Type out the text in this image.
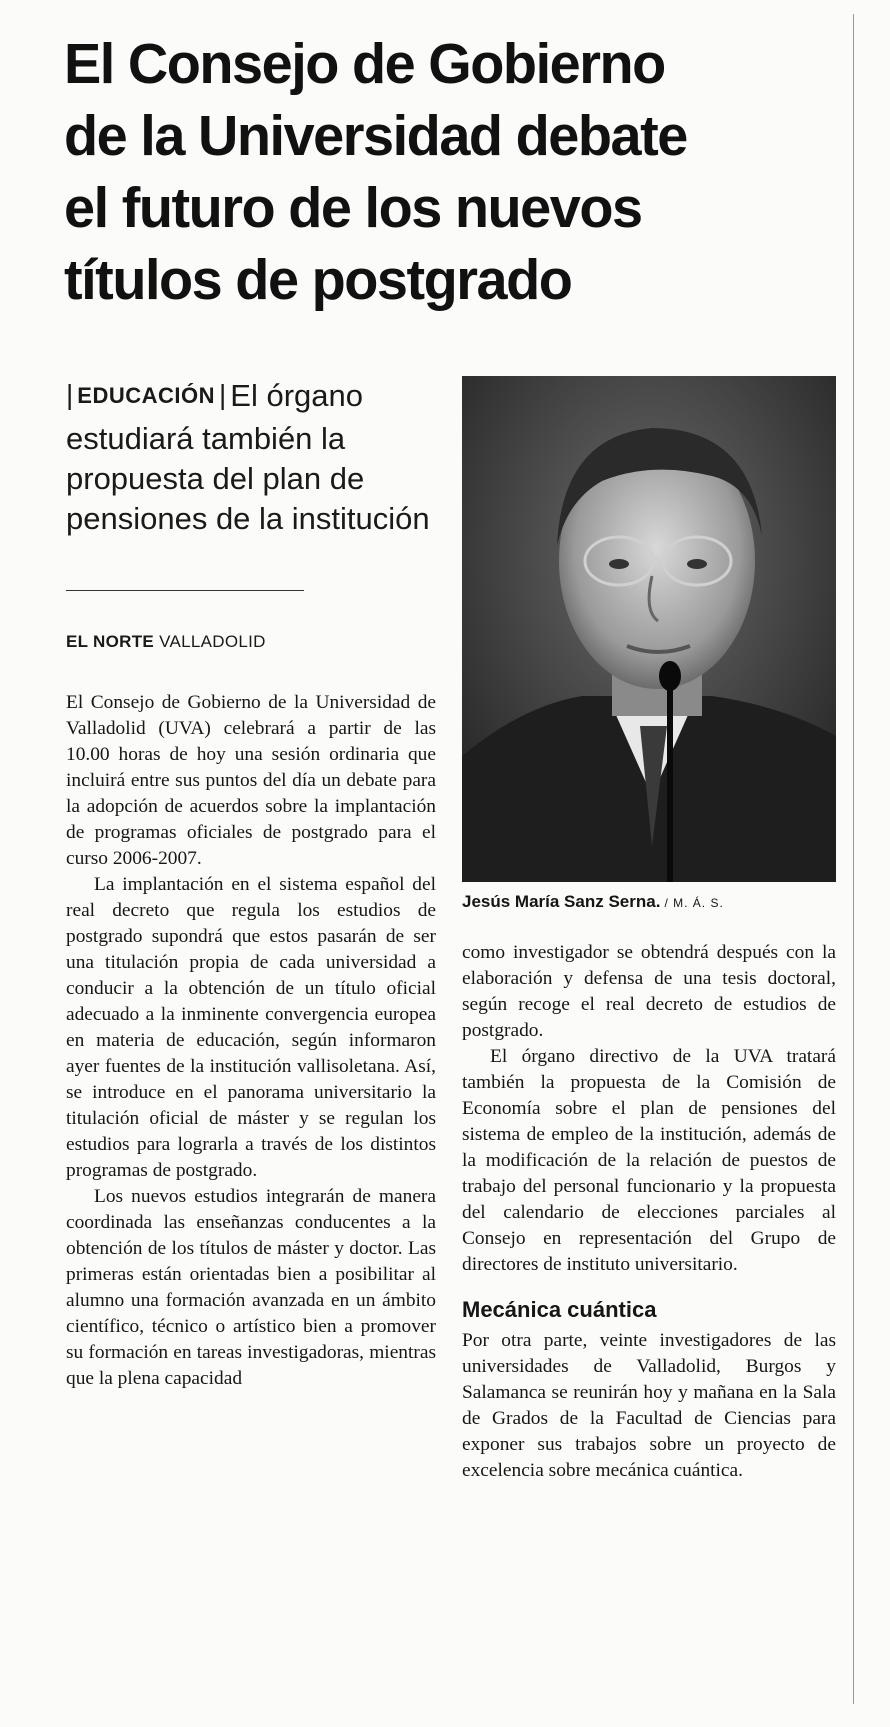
El Consejo de Gobierno
de la Universidad debate
el futuro de los nuevos
títulos de postgrado
| EDUCACIÓN | El órgano estudiará también la propuesta del plan de pensiones de la institución
EL NORTE VALLADOLID

El Consejo de Gobierno de la Universidad de Valladolid (UVA) celebrará a partir de las 10.00 horas de hoy una sesión ordinaria que incluirá entre sus puntos del día un debate para la adopción de acuerdos sobre la implantación de programas oficiales de postgrado para el curso 2006-2007.

La implantación en el sistema español del real decreto que regula los estudios de postgrado supondrá que estos pasarán de ser una titulación propia de cada universidad a conducir a la obtención de un título oficial adecuado a la inminente convergencia europea en materia de educación, según informaron ayer fuentes de la institución vallisoletana. Así, se introduce en el panorama universitario la titulación oficial de máster y se regulan los estudios para lograrla a través de los distintos programas de postgrado.

Los nuevos estudios integrarán de manera coordinada las enseñanzas conducentes a la obtención de los títulos de máster y doctor. Las primeras están orientadas bien a posibilitar al alumno una formación avanzada en un ámbito científico, técnico o artístico bien a promover su formación en tareas investigadoras, mientras que la plena capacidad

Jesús María Sanz Serna. / M. Á. S.

como investigador se obtendrá después con la elaboración y defensa de una tesis doctoral, según recoge el real decreto de estudios de postgrado.

El órgano directivo de la UVA tratará también la propuesta de la Comisión de Economía sobre el plan de pensiones del sistema de empleo de la institución, además de la modificación de la relación de puestos de trabajo del personal funcionario y la propuesta del calendario de elecciones parciales al Consejo en representación del Grupo de directores de instituto universitario.

Mecánica cuántica

Por otra parte, veinte investigadores de las universidades de Valladolid, Burgos y Salamanca se reunirán hoy y mañana en la Sala de Grados de la Facultad de Ciencias para exponer sus trabajos sobre un proyecto de excelencia sobre mecánica cuántica.
